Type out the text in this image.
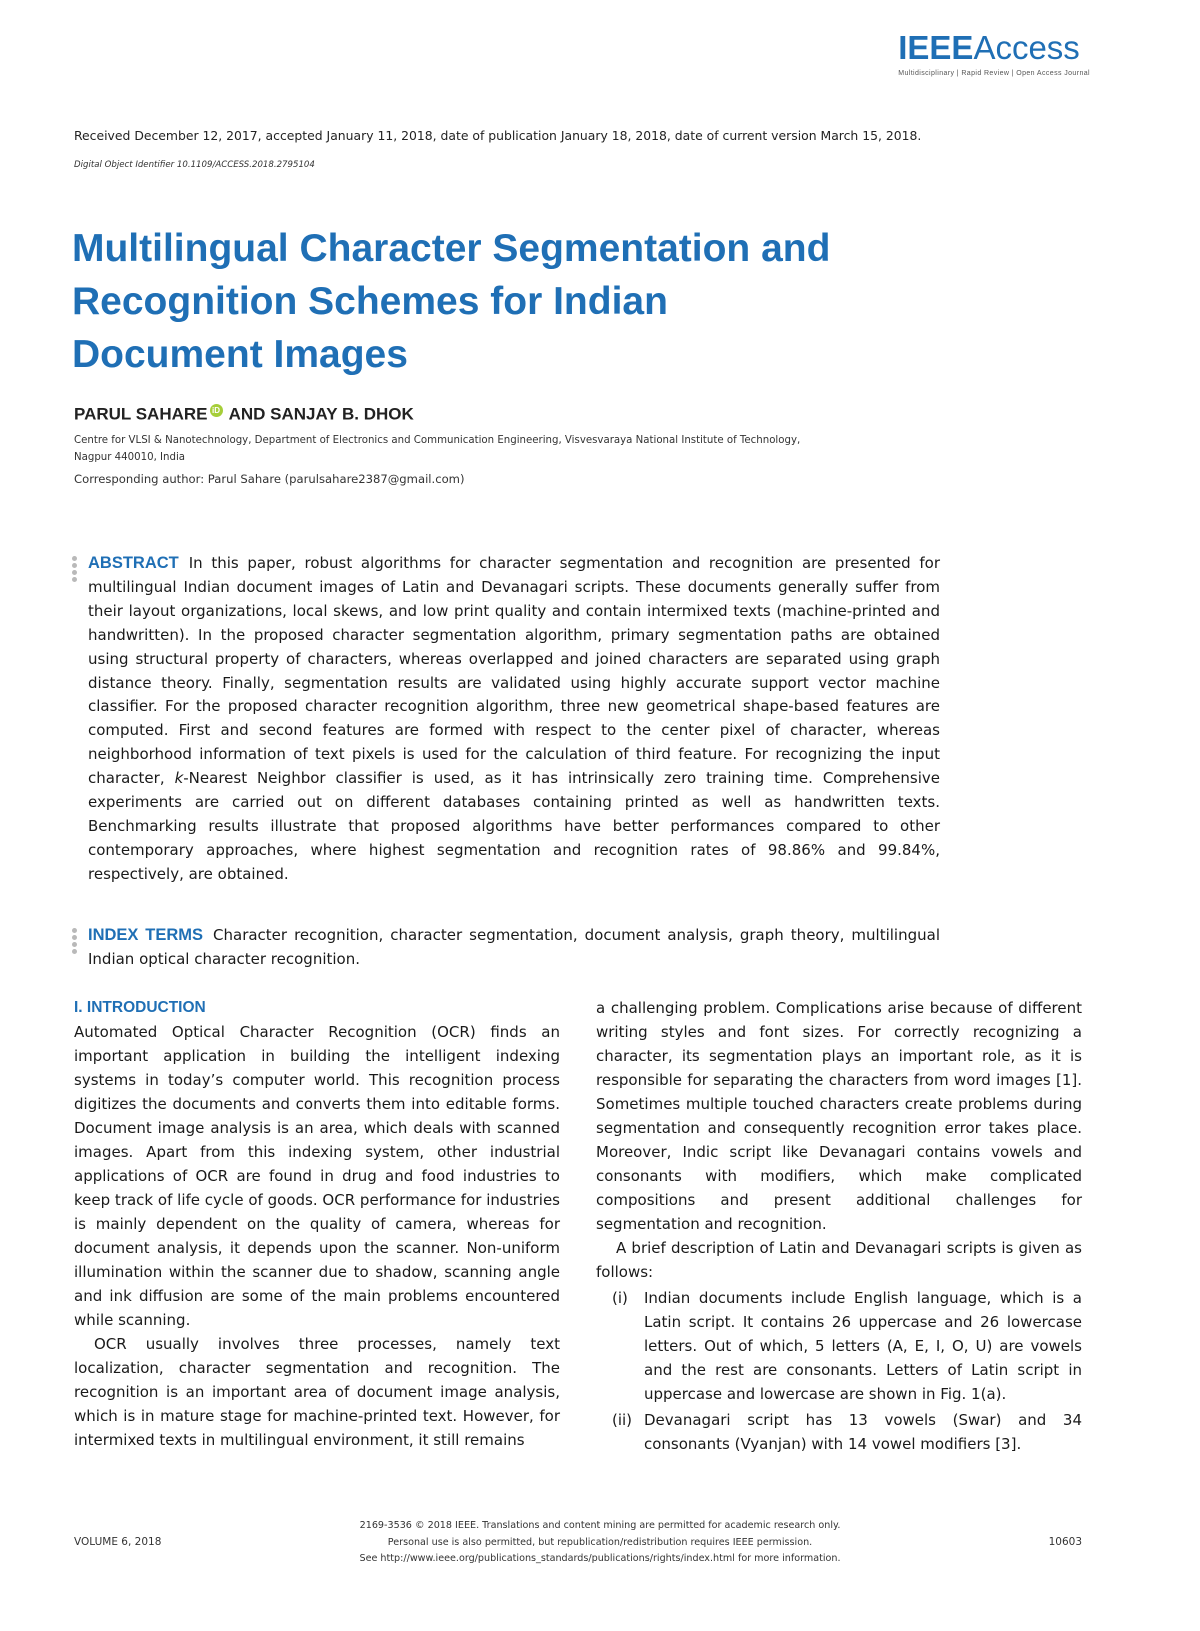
IEEEAccess
Multidisciplinary | Rapid Review | Open Access Journal
Received December 12, 2017, accepted January 11, 2018, date of publication January 18, 2018, date of current version March 15, 2018.
Digital Object Identifier 10.1109/ACCESS.2018.2795104
Multilingual Character Segmentation and
Recognition Schemes for Indian
Document Images
PARUL SAHARE iD AND SANJAY B. DHOK
Centre for VLSI & Nanotechnology, Department of Electronics and Communication Engineering, Visvesvaraya National Institute of Technology,
Nagpur 440010, India
Corresponding author: Parul Sahare (parulsahare2387@gmail.com)
ABSTRACT In this paper, robust algorithms for character segmentation and recognition are presented for multilingual Indian document images of Latin and Devanagari scripts. These documents generally suffer from their layout organizations, local skews, and low print quality and contain intermixed texts (machine-printed and handwritten). In the proposed character segmentation algorithm, primary segmentation paths are obtained using structural property of characters, whereas overlapped and joined characters are separated using graph distance theory. Finally, segmentation results are validated using highly accurate support vector machine classifier. For the proposed character recognition algorithm, three new geometrical shape-based features are computed. First and second features are formed with respect to the center pixel of character, whereas neighborhood information of text pixels is used for the calculation of third feature. For recognizing the input character, k-Nearest Neighbor classifier is used, as it has intrinsically zero training time. Comprehensive experiments are carried out on different databases containing printed as well as handwritten texts. Benchmarking results illustrate that proposed algorithms have better performances compared to other contemporary approaches, where highest segmentation and recognition rates of 98.86% and 99.84%, respectively, are obtained.
INDEX TERMS Character recognition, character segmentation, document analysis, graph theory, multilingual Indian optical character recognition.

I. INTRODUCTION

Automated Optical Character Recognition (OCR) finds an important application in building the intelligent indexing systems in today’s computer world. This recognition process digitizes the documents and converts them into editable forms. Document image analysis is an area, which deals with scanned images. Apart from this indexing system, other industrial applications of OCR are found in drug and food industries to keep track of life cycle of goods. OCR performance for industries is mainly dependent on the quality of camera, whereas for document analysis, it depends upon the scanner. Non-uniform illumination within the scanner due to shadow, scanning angle and ink diffusion are some of the main problems encountered while scanning.

OCR usually involves three processes, namely text localization, character segmentation and recognition. The recognition is an important area of document image analysis, which is in mature stage for machine-printed text. However, for intermixed texts in multilingual environment, it still remains

a challenging problem. Complications arise because of different writing styles and font sizes. For correctly recognizing a character, its segmentation plays an important role, as it is responsible for separating the characters from word images [1]. Sometimes multiple touched characters create problems during segmentation and consequently recognition error takes place. Moreover, Indic script like Devanagari contains vowels and consonants with modifiers, which make complicated compositions and present additional challenges for segmentation and recognition.

A brief description of Latin and Devanagari scripts is given as follows:

(i) Indian documents include English language, which is a Latin script. It contains 26 uppercase and 26 lowercase letters. Out of which, 5 letters (A, E, I, O, U) are vowels and the rest are consonants. Letters of Latin script in uppercase and lowercase are shown in Fig. 1(a).
(ii) Devanagari script has 13 vowels (Swar) and 34 consonants (Vyanjan) with 14 vowel modifiers [3].
2169-3536 © 2018 IEEE. Translations and content mining are permitted for academic research only.
Personal use is also permitted, but republication/redistribution requires IEEE permission.
See http://www.ieee.org/publications_standards/publications/rights/index.html for more information.
VOLUME 6, 2018	10603
